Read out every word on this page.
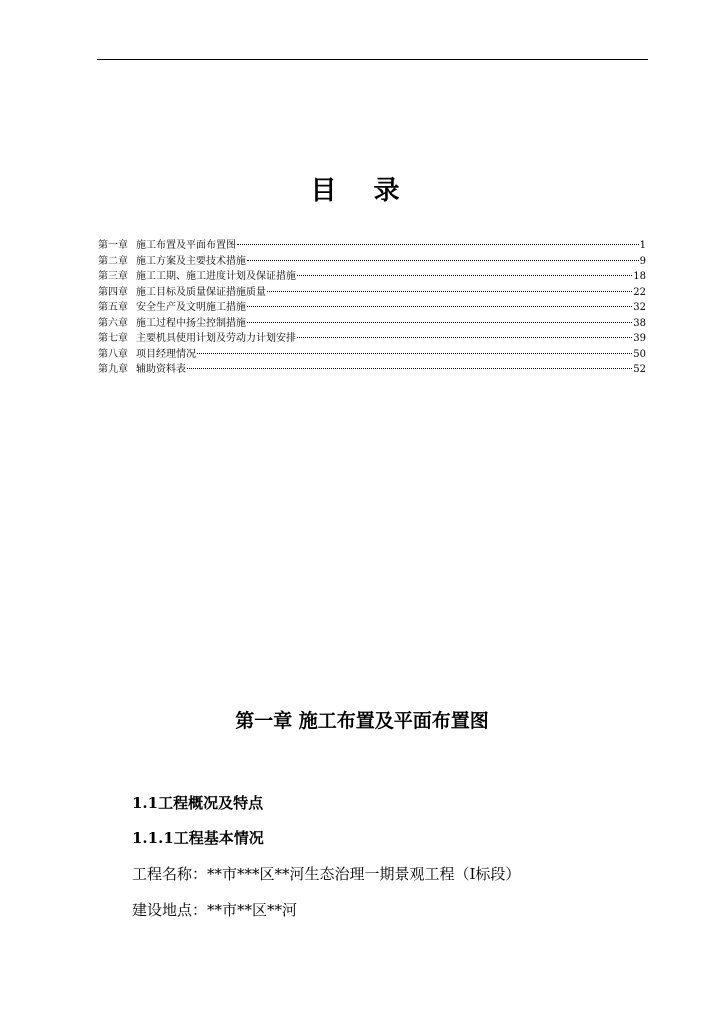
目 录
第一章 施工布置及平面布置图	1
第二章 施工方案及主要技术措施	9
第三章 施工工期、施工进度计划及保证措施	18
第四章 施工目标及质量保证措施质量	22
第五章 安全生产及文明施工措施	32
第六章 施工过程中扬尘控制措施	38
第七章 主要机具使用计划及劳动力计划安排	39
第八章 项目经理情况	50
第九章 辅助资料表	52
第一章 施工布置及平面布置图

1.1工程概况及特点

1.1.1工程基本情况

工程名称：**市***区**河生态治理一期景观工程（Ⅰ标段）

建设地点：**市**区**河
